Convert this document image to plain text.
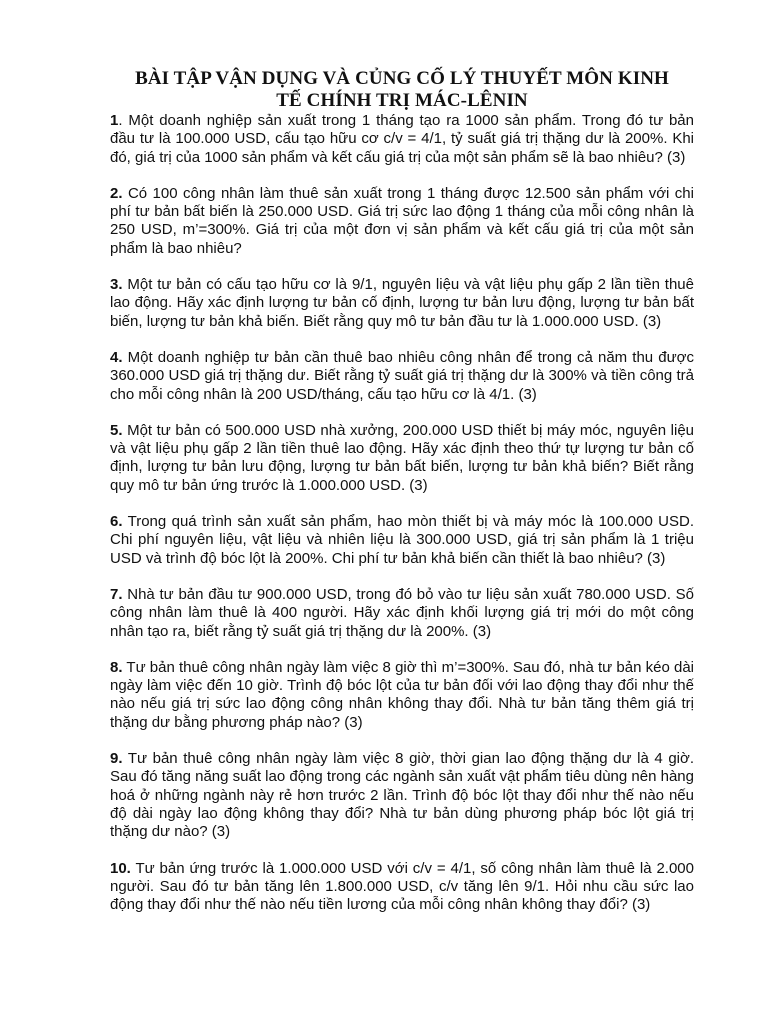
BÀI TẬP VẬN DỤNG VÀ CỦNG CỐ LÝ THUYẾT MÔN KINH
TẾ CHÍNH TRỊ MÁC-LÊNIN

1. Một doanh nghiệp sản xuất trong 1 tháng tạo ra 1000 sản phẩm. Trong đó tư bản đầu tư là 100.000 USD, cấu tạo hữu cơ c/v = 4/1, tỷ suất giá trị thặng dư là 200%. Khi đó, giá trị của 1000 sản phẩm và kết cấu giá trị của một sản phẩm sẽ là bao nhiêu? (3)

2. Có 100 công nhân làm thuê sản xuất trong 1 tháng được 12.500 sản phẩm với chi phí tư bản bất biến là 250.000 USD. Giá trị sức lao động 1 tháng của mỗi công nhân là 250 USD, m’=300%. Giá trị của một đơn vị sản phẩm và kết cấu giá trị của một sản phẩm là bao nhiêu?

3. Một tư bản có cấu tạo hữu cơ là 9/1, nguyên liệu và vật liệu phụ gấp 2 lần tiền thuê lao động. Hãy xác định lượng tư bản cố định, lượng tư bản lưu động, lượng tư bản bất biến, lượng tư bản khả biến. Biết rằng quy mô tư bản đầu tư là 1.000.000 USD. (3)

4. Một doanh nghiệp tư bản cần thuê bao nhiêu công nhân để trong cả năm thu được 360.000 USD giá trị thặng dư. Biết rằng tỷ suất giá trị thặng dư là 300% và tiền công trả cho mỗi công nhân là 200 USD/tháng, cấu tạo hữu cơ là 4/1. (3)

5. Một tư bản có 500.000 USD nhà xưởng, 200.000 USD thiết bị máy móc, nguyên liệu và vật liệu phụ gấp 2 lần tiền thuê lao động. Hãy xác định theo thứ tự lượng tư bản cố định, lượng tư bản lưu động, lượng tư bản bất biến, lượng tư bản khả biến? Biết rằng quy mô tư bản ứng trước là 1.000.000 USD. (3)

6. Trong quá trình sản xuất sản phẩm, hao mòn thiết bị và máy móc là 100.000 USD. Chi phí nguyên liệu, vật liệu và nhiên liệu là 300.000 USD, giá trị sản phẩm là 1 triệu USD và trình độ bóc lột là 200%. Chi phí tư bản khả biến cần thiết là bao nhiêu? (3)

7. Nhà tư bản đầu tư 900.000 USD, trong đó bỏ vào tư liệu sản xuất 780.000 USD. Số công nhân làm thuê là 400 người. Hãy xác định khối lượng giá trị mới do một công nhân tạo ra, biết rằng tỷ suất giá trị thặng dư là 200%. (3)

8. Tư bản thuê công nhân ngày làm việc 8 giờ thì m’=300%. Sau đó, nhà tư bản kéo dài ngày làm việc đến 10 giờ. Trình độ bóc lột của tư bản đối với lao động thay đổi như thế nào nếu giá trị sức lao động công nhân không thay đổi. Nhà tư bản tăng thêm giá trị thặng dư bằng phương pháp nào? (3)

9. Tư bản thuê công nhân ngày làm việc 8 giờ, thời gian lao động thặng dư là 4 giờ. Sau đó tăng năng suất lao động trong các ngành sản xuất vật phẩm tiêu dùng nên hàng hoá ở những ngành này rẻ hơn trước 2 lần. Trình độ bóc lột thay đổi như thế nào nếu độ dài ngày lao động không thay đổi? Nhà tư bản dùng phương pháp bóc lột giá trị thặng dư nào? (3)

10. Tư bản ứng trước là 1.000.000 USD với c/v = 4/1, số công nhân làm thuê là 2.000 người. Sau đó tư bản tăng lên 1.800.000 USD, c/v tăng lên 9/1. Hỏi nhu cầu sức lao động thay đổi như thế nào nếu tiền lương của mỗi công nhân không thay đổi? (3)
